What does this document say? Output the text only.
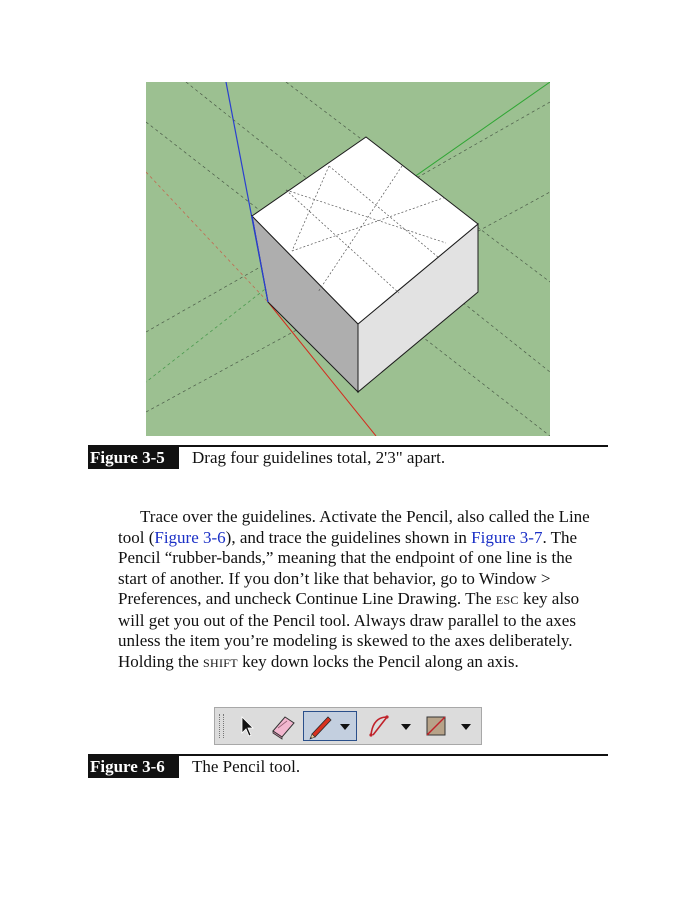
Figure 3-5	Drag four guidelines total, 2'3" apart.

Trace over the guidelines. Activate the Pencil, also called the Line
tool (Figure 3-6), and trace the guidelines shown in Figure 3-7. The
Pencil “rubber-bands,” meaning that the endpoint of one line is the
start of another. If you don’t like that behavior, go to Window >
Preferences, and uncheck Continue Line Drawing. The ESC key also
will get you out of the Pencil tool. Always draw parallel to the axes
unless the item you’re modeling is skewed to the axes deliberately.
Holding the SHIFT key down locks the Pencil along an axis.

Figure 3-6	The Pencil tool.
